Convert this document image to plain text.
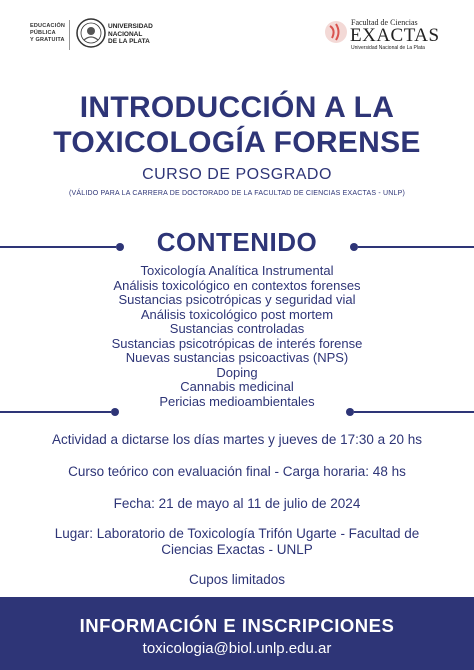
EDUCACIÓN
PÚBLICA
Y GRATUITA
UNIVERSIDAD
NACIONAL
DE LA PLATA
Facultad de Ciencias
EXACTAS
Universidad Nacional de La Plata
INTRODUCCIÓN A LA
TOXICOLOGÍA FORENSE
CURSO DE POSGRADO
(VÁLIDO PARA LA CARRERA DE DOCTORADO DE LA FACULTAD DE CIENCIAS EXACTAS - UNLP)
CONTENIDO
Toxicología Analítica Instrumental
Análisis toxicológico en contextos forenses
Sustancias psicotrópicas y seguridad vial
Análisis toxicológico post mortem
Sustancias controladas
Sustancias psicotrópicas de interés forense
Nuevas sustancias psicoactivas (NPS)
Doping
Cannabis medicinal
Pericias medioambientales
Actividad a dictarse los días martes y jueves de 17:30 a 20 hs
Curso teórico con evaluación final - Carga horaria: 48 hs
Fecha: 21 de mayo al 11 de julio de 2024
Lugar: Laboratorio de Toxicología Trifón Ugarte - Facultad de
Ciencias Exactas - UNLP
Cupos limitados
INFORMACIÓN E INSCRIPCIONES
toxicologia@biol.unlp.edu.ar
